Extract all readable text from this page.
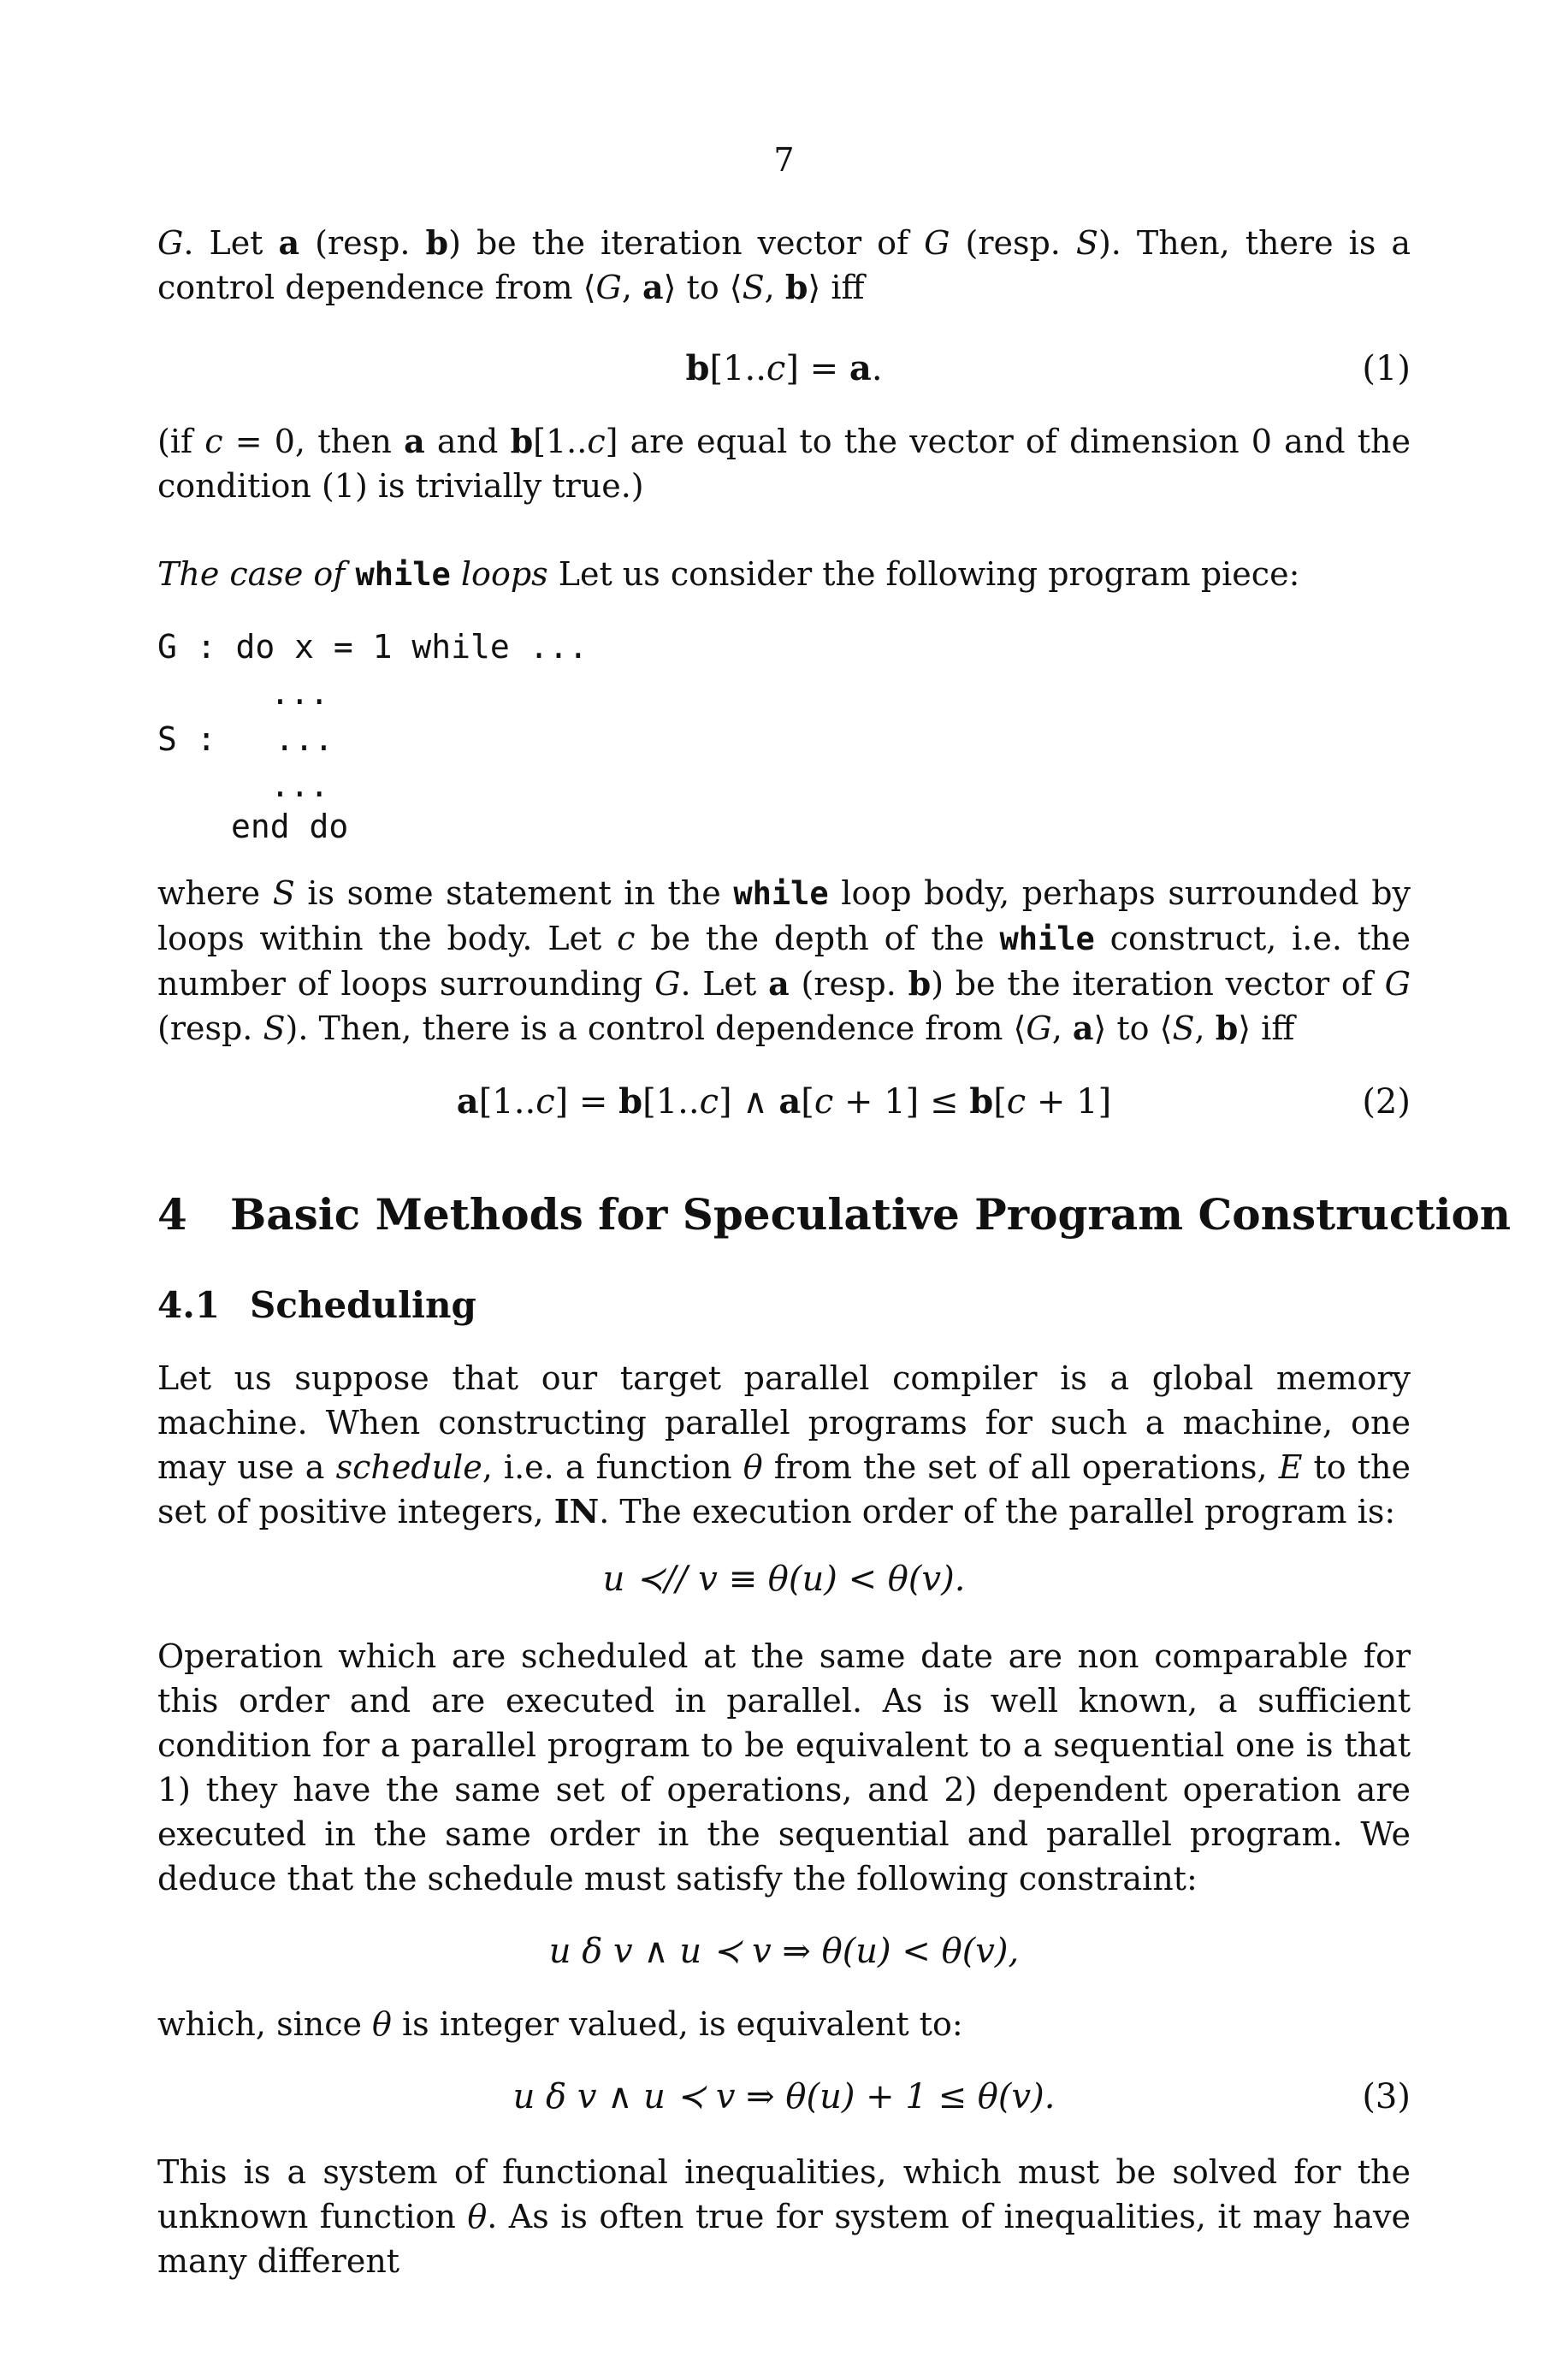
7
G. Let a (resp. b) be the iteration vector of G (resp. S). Then, there is a control dependence from ⟨G, a⟩ to ⟨S, b⟩ iff
b[1..c] = a.	(1)
(if c = 0, then a and b[1..c] are equal to the vector of dimension 0 and the condition (1) is trivially true.)
The case of while loops Let us consider the following program piece:
G : do x = 1 while ...
...
S :   ...
...
end do
where S is some statement in the while loop body, perhaps surrounded by loops within the body. Let c be the depth of the while construct, i.e. the number of loops surrounding G. Let a (resp. b) be the iteration vector of G (resp. S). Then, there is a control dependence from ⟨G, a⟩ to ⟨S, b⟩ iff
a[1..c] = b[1..c] ∧ a[c + 1] ≤ b[c + 1]	(2)
4 Basic Methods for Speculative Program Construction
4.1 Scheduling
Let us suppose that our target parallel compiler is a global memory machine. When constructing parallel programs for such a machine, one may use a schedule, i.e. a function θ from the set of all operations, E to the set of positive integers, IN. The execution order of the parallel program is:
u ≺// v ≡ θ(u) < θ(v).
Operation which are scheduled at the same date are non comparable for this order and are executed in parallel. As is well known, a sufficient condition for a parallel program to be equivalent to a sequential one is that 1) they have the same set of operations, and 2) dependent operation are executed in the same order in the sequential and parallel program. We deduce that the schedule must satisfy the following constraint:
u δ v ∧ u ≺ v ⇒ θ(u) < θ(v),
which, since θ is integer valued, is equivalent to:
u δ v ∧ u ≺ v ⇒ θ(u) + 1 ≤ θ(v).	(3)
This is a system of functional inequalities, which must be solved for the unknown function θ. As is often true for system of inequalities, it may have many different
